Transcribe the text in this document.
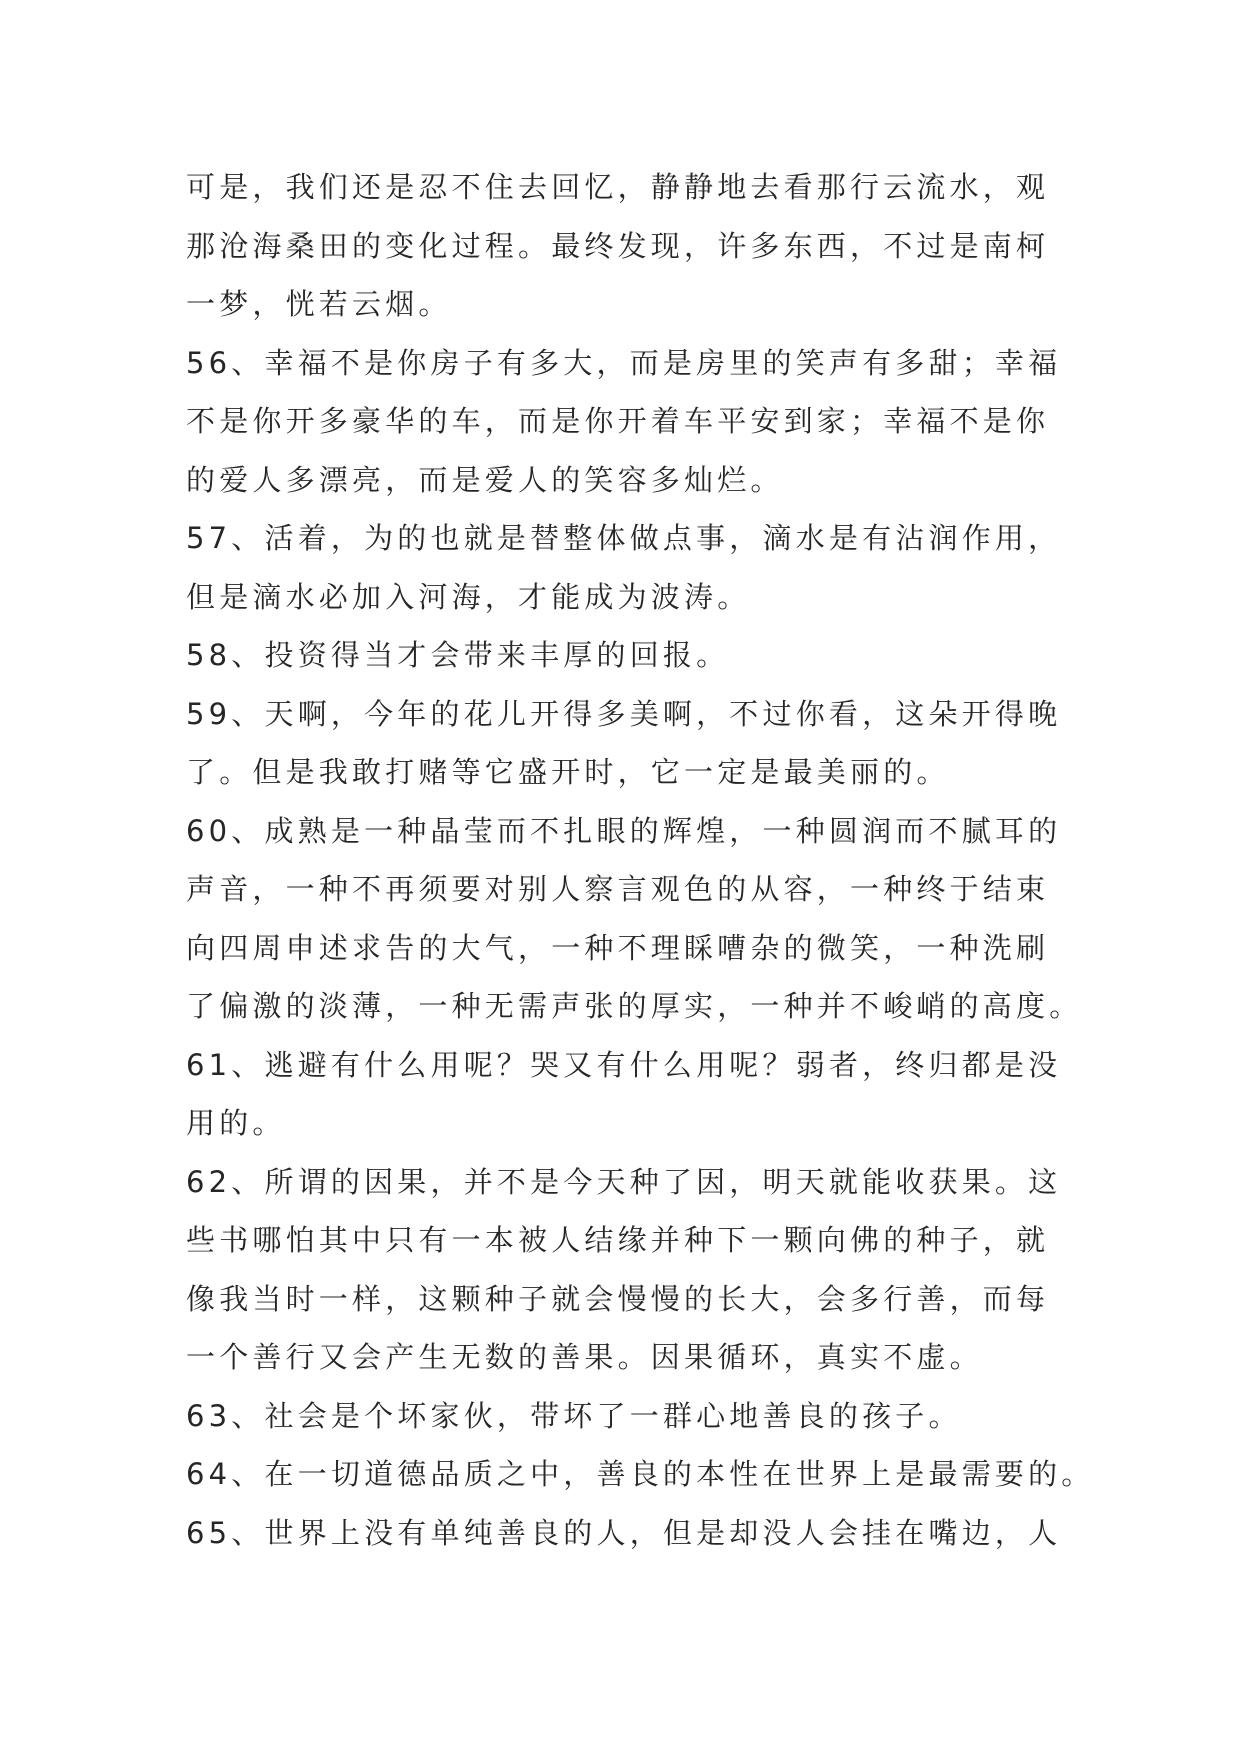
可是，我们还是忍不住去回忆，静静地去看那行云流水，观
那沧海桑田的变化过程。最终发现，许多东西，不过是南柯
一梦，恍若云烟。
56、幸福不是你房子有多大，而是房里的笑声有多甜；幸福
不是你开多豪华的车，而是你开着车平安到家；幸福不是你
的爱人多漂亮，而是爱人的笑容多灿烂。
57、活着，为的也就是替整体做点事，滴水是有沾润作用，
但是滴水必加入河海，才能成为波涛。
58、投资得当才会带来丰厚的回报。
59、天啊，今年的花儿开得多美啊，不过你看，这朵开得晚
了。但是我敢打赌等它盛开时，它一定是最美丽的。
60、成熟是一种晶莹而不扎眼的辉煌，一种圆润而不腻耳的
声音，一种不再须要对别人察言观色的从容，一种终于结束
向四周申述求告的大气，一种不理睬嘈杂的微笑，一种洗刷
了偏激的淡薄，一种无需声张的厚实，一种并不峻峭的高度。
61、逃避有什么用呢？哭又有什么用呢？弱者，终归都是没
用的。
62、所谓的因果，并不是今天种了因，明天就能收获果。这
些书哪怕其中只有一本被人结缘并种下一颗向佛的种子，就
像我当时一样，这颗种子就会慢慢的长大，会多行善，而每
一个善行又会产生无数的善果。因果循环，真实不虚。
63、社会是个坏家伙，带坏了一群心地善良的孩子。
64、在一切道德品质之中，善良的本性在世界上是最需要的。
65、世界上没有单纯善良的人，但是却没人会挂在嘴边，人
